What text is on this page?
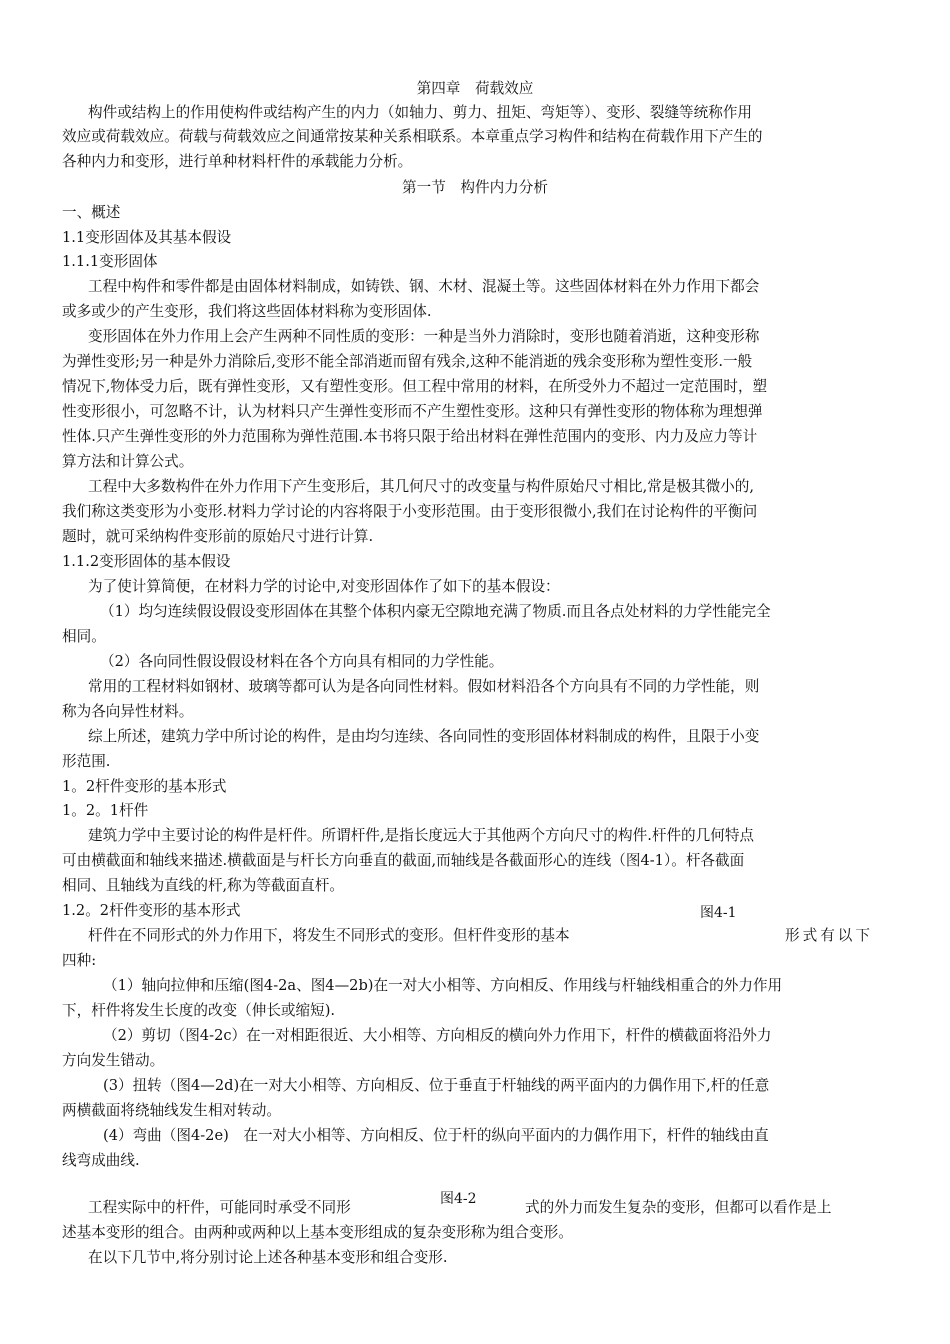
第四章　荷载效应
构件或结构上的作用使构件或结构产生的内力（如轴力、剪力、扭矩、弯矩等）、变形、裂缝等统称作用
效应或荷载效应。荷载与荷载效应之间通常按某种关系相联系。本章重点学习构件和结构在荷载作用下产生的
各种内力和变形，进行单种材料杆件的承载能力分析。
第一节　构件内力分析
一、概述
1.1变形固体及其基本假设
1.1.1变形固体
工程中构件和零件都是由固体材料制成，如铸铁、钢、木材、混凝土等。这些固体材料在外力作用下都会
或多或少的产生变形，我们将这些固体材料称为变形固体.
变形固体在外力作用上会产生两种不同性质的变形：一种是当外力消除时，变形也随着消逝，这种变形称
为弹性变形;另一种是外力消除后,变形不能全部消逝而留有残余,这种不能消逝的残余变形称为塑性变形.一般
情况下,物体受力后，既有弹性变形，又有塑性变形。但工程中常用的材料，在所受外力不超过一定范围时，塑
性变形很小，可忽略不计，认为材料只产生弹性变形而不产生塑性变形。这种只有弹性变形的物体称为理想弹
性体.只产生弹性变形的外力范围称为弹性范围.本书将只限于给出材料在弹性范围内的变形、内力及应力等计
算方法和计算公式。
工程中大多数构件在外力作用下产生变形后，其几何尺寸的改变量与构件原始尺寸相比,常是极其微小的,
我们称这类变形为小变形.材料力学讨论的内容将限于小变形范围。由于变形很微小,我们在讨论构件的平衡问
题时，就可采纳构件变形前的原始尺寸进行计算.
1.1.2变形固体的基本假设
为了使计算简便，在材料力学的讨论中,对变形固体作了如下的基本假设：
（1）均匀连续假设假设变形固体在其整个体积内豪无空隙地充满了物质.而且各点处材料的力学性能完全
相同。
（2）各向同性假设假设材料在各个方向具有相同的力学性能。
常用的工程材料如钢材、玻璃等都可认为是各向同性材料。假如材料沿各个方向具有不同的力学性能，则
称为各向异性材料。
综上所述，建筑力学中所讨论的构件，是由均匀连续、各向同性的变形固体材料制成的构件，且限于小变
形范围.
1。2杆件变形的基本形式
1。2。1杆件
建筑力学中主要讨论的构件是杆件。所谓杆件,是指长度远大于其他两个方向尺寸的构件.杆件的几何特点
可由横截面和轴线来描述.横截面是与杆长方向垂直的截面,而轴线是各截面形心的连线（图4-1）。杆各截面
相同、且轴线为直线的杆,称为等截面直杆。
1.2。2杆件变形的基本形式	图4-1
杆件在不同形式的外力作用下，将发生不同形式的变形。但杆件变形的基本	形式有以下
四种:
（1）轴向拉伸和压缩(图4-2a、图4—2b)在一对大小相等、方向相反、作用线与杆轴线相重合的外力作用
下，杆件将发生长度的改变（伸长或缩短).
（2）剪切（图4-2c）在一对相距很近、大小相等、方向相反的横向外力作用下，杆件的横截面将沿外力
方向发生错动。
(3）扭转（图4—2d)在一对大小相等、方向相反、位于垂直于杆轴线的两平面内的力偶作用下,杆的任意
两横截面将绕轴线发生相对转动。
(4）弯曲（图4-2e)　在一对大小相等、方向相反、位于杆的纵向平面内的力偶作用下，杆件的轴线由直
线弯成曲线.
图4-2
工程实际中的杆件，可能同时承受不同形	式的外力而发生复杂的变形，但都可以看作是上
述基本变形的组合。由两种或两种以上基本变形组成的复杂变形称为组合变形。
在以下几节中,将分别讨论上述各种基本变形和组合变形.
